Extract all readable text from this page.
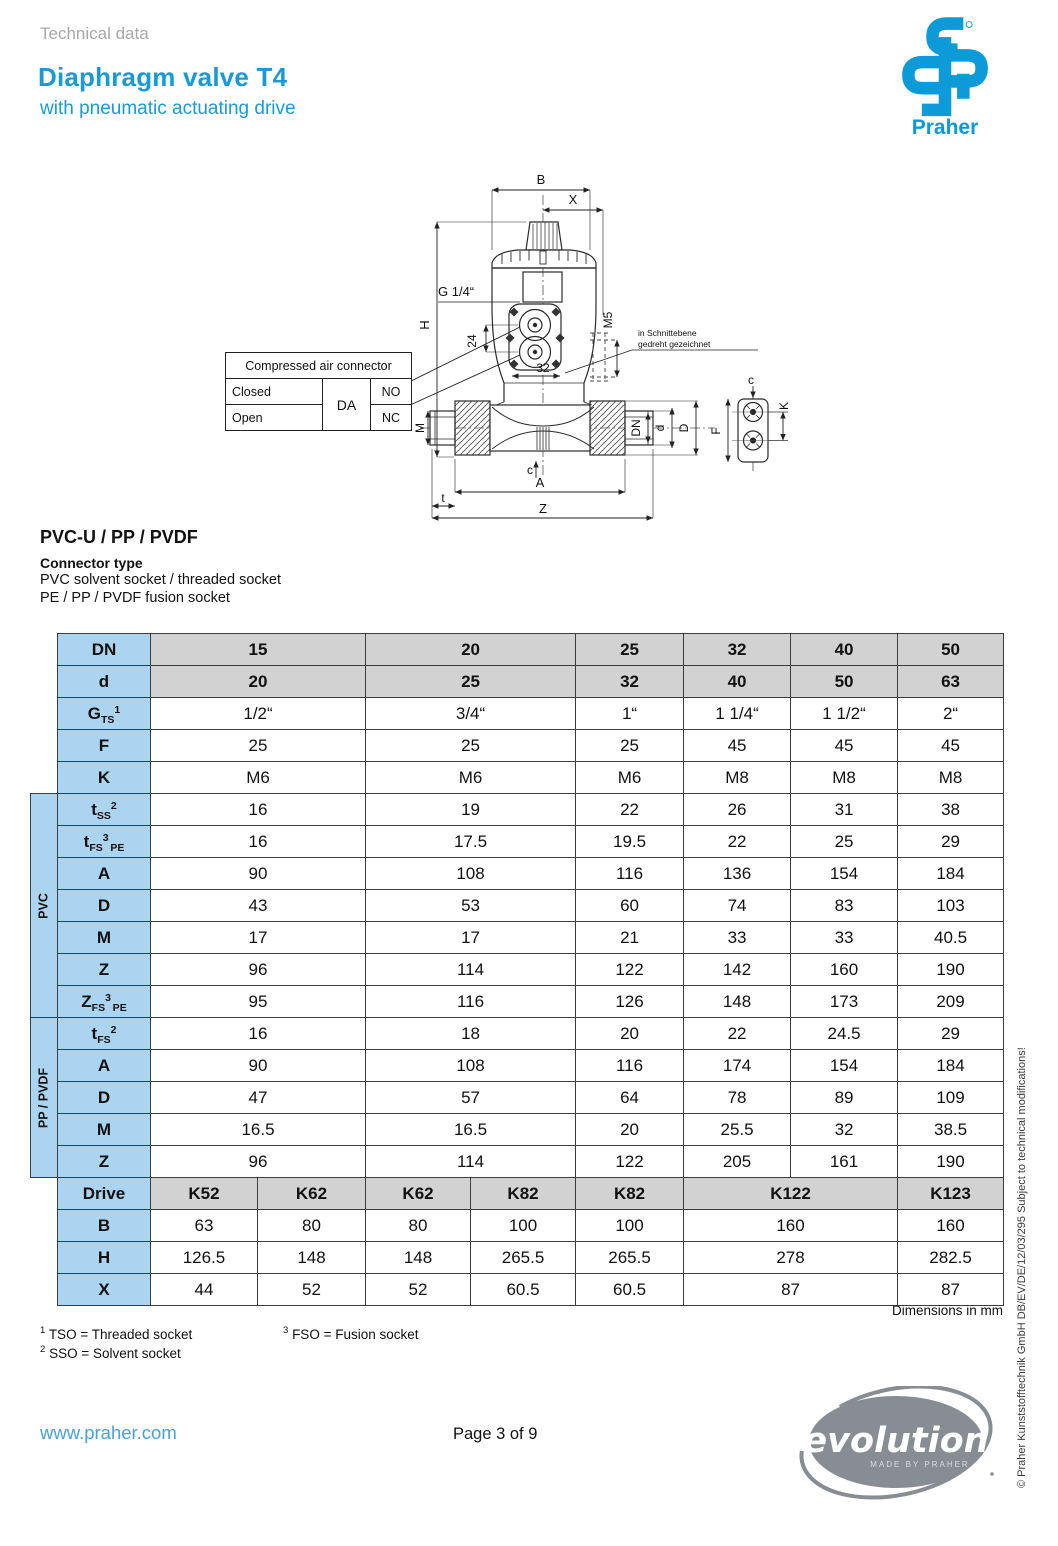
Technical data
Diaphragm valve T4
with pneumatic actuating drive
Praher
B
X
H
G 1/4“
24
M5
32
M	DN d D
c
A
t
Z
c
F
K
in Schnittebene
gedreht gezeichnet
Compressed air connector		
Closed	DA	NO
Open		NC
PVC-U / PP / PVDF
Connector type
PVC solvent socket / threaded socket
PE / PP / PVDF fusion socket
	DN	15		20		25	32	40	50
	d	20		25		32	40	50	63
	$G_{TS}^1$	1/2“		3/4“		1“	1 1/4“	1 1/2“	2“
	F	25		25		25	45	45	45
	K	M6		M6		M6	M8	M8	M8

PVC	$t_{SS}^2$	16		19		22	26	31	38
	$t_{FS}^3$ $_{PE}$	16		17.5		19.5	22	25	29
	A	90		108		116	136	154	184
	D	43		53		60	74	83	103
	M	17		17		21	33	33	40.5
	Z	96		114		122	142	160	190
	$Z_{FS}^3$ $_{PE}$	95		116		126	148	173	209

PP / PVDF	$t_{FS}^2$	16		18		20	22	24.5	29
	A	90		108		116	174	154	184
	D	47		57		64	78	89	109
	M	16.5		16.5		20	25.5	32	38.5
	Z	96		114		122	205	161	190
	Drive	K52	K62	K62	K82	K82	K122		K123
	B	63	80	80	100	100	160		160
	H	126.5	148	148	265.5	265.5	278		282.5
	X	44	52	52	60.5	60.5	87		87
Dimensions in mm
$^1$ TSO = Threaded socket	$^3$ FSO = Fusion socket
$^2$ SSO = Solvent socket
www.praher.com	Page 3 of 9	© Praher Kunststofftechnik GmbH DB/EV/DE/12/03/295 Subject to technical modifications!
evolution
MADE BY PRAHER
